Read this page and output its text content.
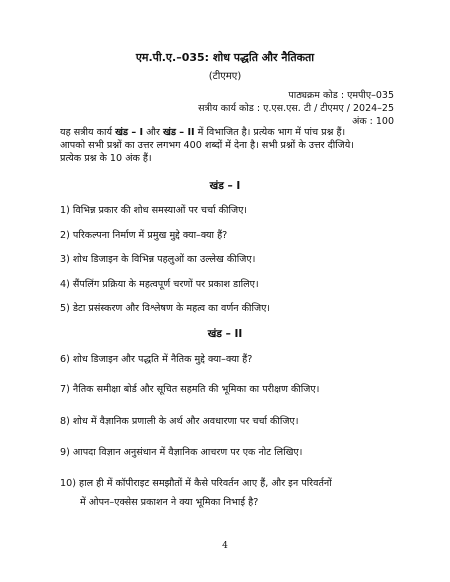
एम.पी.ए.–035: शोध पद्धति और नैतिकता
(टीएमए)
पाठ्यक्रम कोड : एमपीए–035
सत्रीय कार्य कोड : ए.एस.एस. टी / टीएमए / 2024–25
अंक : 100
यह सत्रीय कार्य खंड – I और खंड – II में विभाजित है। प्रत्येक भाग में पांच प्रश्न हैं।
आपको सभी प्रश्नों का उत्तर लगभग 400 शब्दों में देना है। सभी प्रश्नों के उत्तर दीजिये।
प्रत्येक प्रश्न के 10 अंक हैं।
खंड – I
1) विभिन्न प्रकार की शोध समस्याओं पर चर्चा कीजिए।
2) परिकल्पना निर्माण में प्रमुख मुद्दे क्या–क्या हैं?
3) शोध डिजाइन के विभिन्न पहलुओं का उल्लेख कीजिए।
4) सैंपलिंग प्रक्रिया के महत्वपूर्ण चरणों पर प्रकाश डालिए।
5) डेटा प्रसंस्करण और विश्लेषण के महत्व का वर्णन कीजिए।
खंड – II
6) शोध डिजाइन और पद्धति में नैतिक मुद्दे क्या–क्या हैं?
7) नैतिक समीक्षा बोर्ड और सूचित सहमति की भूमिका का परीक्षण कीजिए।
8) शोध में वैज्ञानिक प्रणाली के अर्थ और अवधारणा पर चर्चा कीजिए।
9) आपदा विज्ञान अनुसंधान में वैज्ञानिक आचरण पर एक नोट लिखिए।
10) हाल ही में कॉपीराइट समझौतों में कैसे परिवर्तन आए हैं, और इन परिवर्तनों
में ओपन–एक्सेस प्रकाशन ने क्या भूमिका निभाई है?
4
